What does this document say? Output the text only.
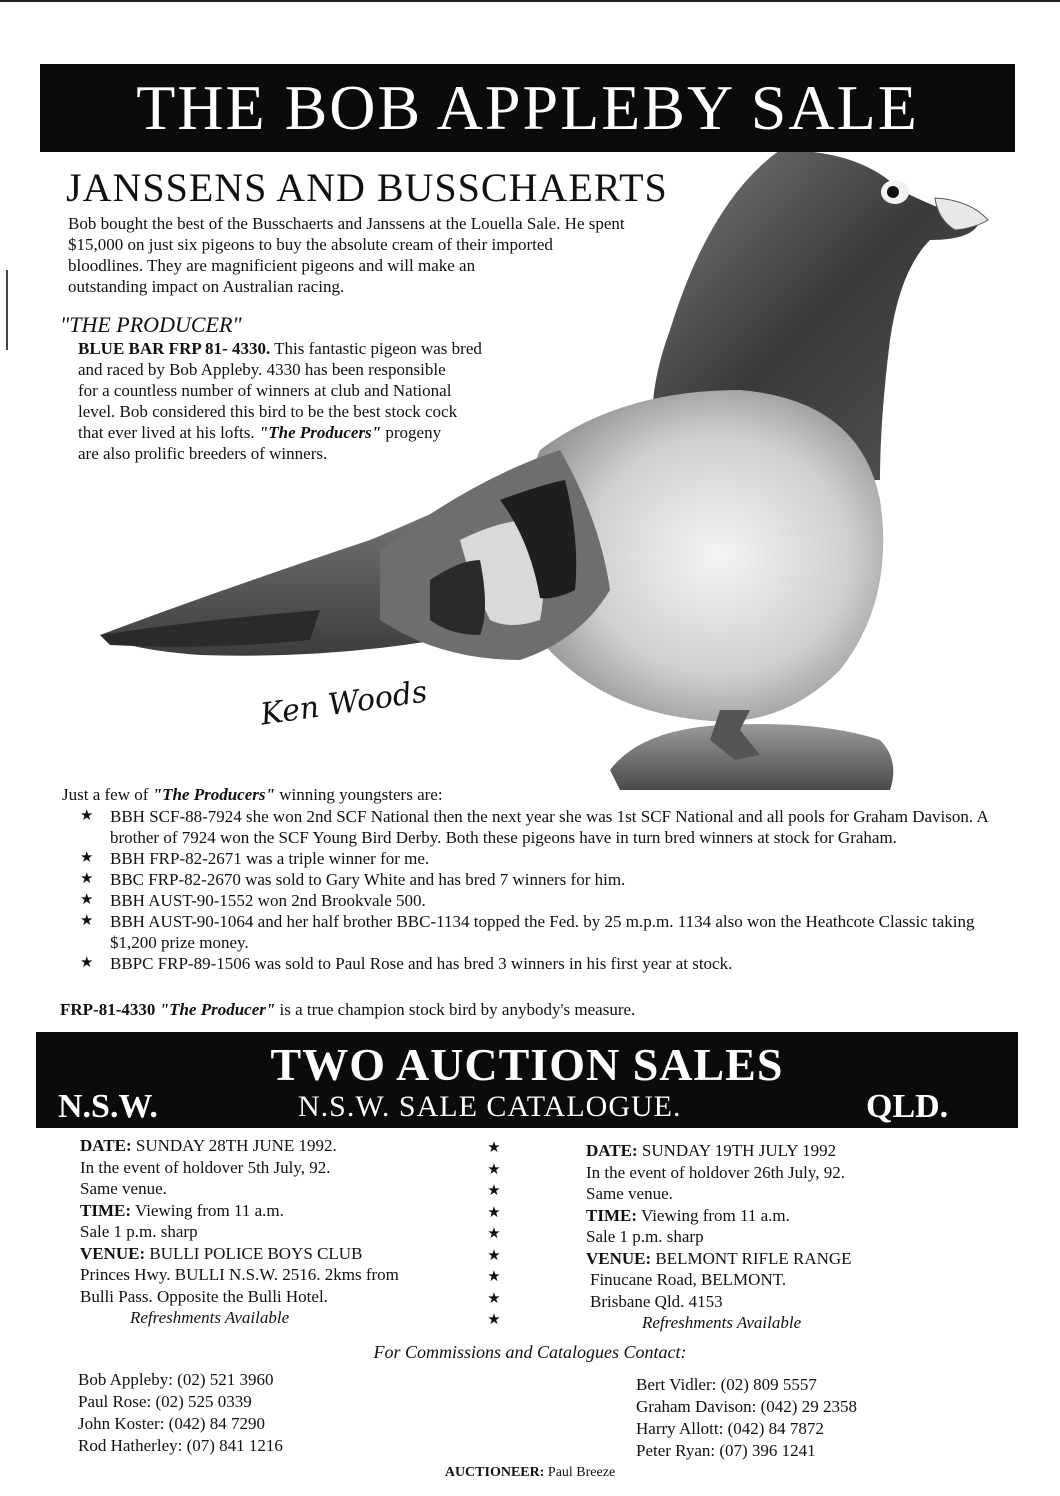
THE BOB APPLEBY SALE
JANSSENS AND BUSSCHAERTS
Bob bought the best of the Busschaerts and Janssens at the Louella Sale. He spent
$15,000 on just six pigeons to buy the absolute cream of their imported
bloodlines. They are magnificient pigeons and will make an
outstanding impact on Australian racing.
"THE PRODUCER"
BLUE BAR FRP 81- 4330. This fantastic pigeon was bred
and raced by Bob Appleby. 4330 has been responsible
for a countless number of winners at club and National
level. Bob considered this bird to be the best stock cock
that ever lived at his lofts. "The Producers" progeny
are also prolific breeders of winners.
Ken Woods
Just a few of "The Producers" winning youngsters are:
★ BBH SCF-88-7924 she won 2nd SCF National then the next year she was 1st SCF National and all pools for Graham Davison. A brother of 7924 won the SCF Young Bird Derby. Both these pigeons have in turn bred winners at stock for Graham.
★ BBH FRP-82-2671 was a triple winner for me.
★ BBC FRP-82-2670 was sold to Gary White and has bred 7 winners for him.
★ BBH AUST-90-1552 won 2nd Brookvale 500.
★ BBH AUST-90-1064 and her half brother BBC-1134 topped the Fed. by 25 m.p.m. 1134 also won the Heathcote Classic taking $1,200 prize money.
★ BBPC FRP-89-1506 was sold to Paul Rose and has bred 3 winners in his first year at stock.
FRP-81-4330 "The Producer" is a true champion stock bird by anybody's measure.
TWO AUCTION SALES
N.S.W.	N.S.W. SALE CATALOGUE.	QLD.
DATE: SUNDAY 28TH JUNE 1992.
In the event of holdover 5th July, 92.
Same venue.
TIME: Viewing from 11 a.m.
Sale 1 p.m. sharp
VENUE: BULLI POLICE BOYS CLUB
Princes Hwy. BULLI N.S.W. 2516. 2kms from
Bulli Pass. Opposite the Bulli Hotel.
Refreshments Available
★
★
★
★
★
★
★
★
★
DATE: SUNDAY 19TH JULY 1992
In the event of holdover 26th July, 92.
Same venue.
TIME: Viewing from 11 a.m.
Sale 1 p.m. sharp
VENUE: BELMONT RIFLE RANGE
Finucane Road, BELMONT.
Brisbane Qld. 4153
Refreshments Available
For Commissions and Catalogues Contact:
Bob Appleby: (02) 521 3960
Paul Rose: (02) 525 0339
John Koster: (042) 84 7290
Rod Hatherley: (07) 841 1216
Bert Vidler: (02) 809 5557
Graham Davison: (042) 29 2358
Harry Allott: (042) 84 7872
Peter Ryan: (07) 396 1241
AUCTIONEER: Paul Breeze
